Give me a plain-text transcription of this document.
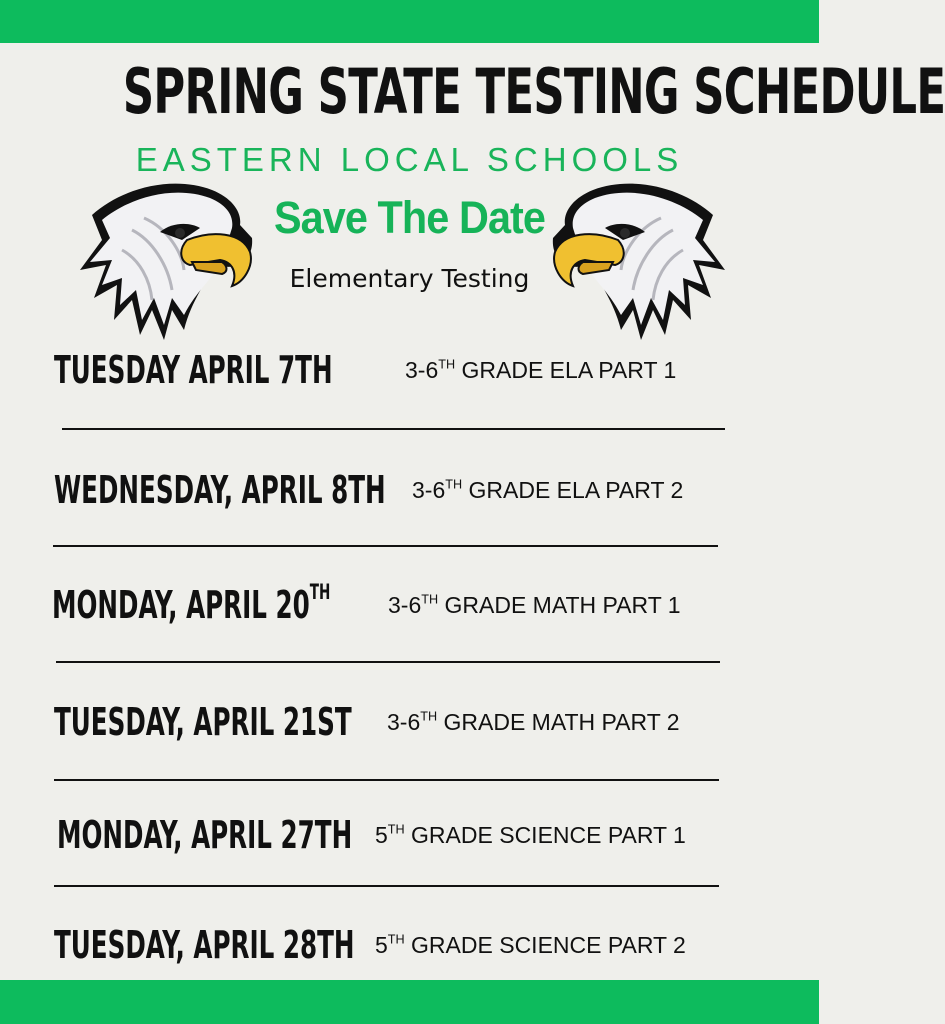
SPRING STATE TESTING SCHEDULE
EASTERN LOCAL SCHOOLS
Save The Date
Elementary Testing
TUESDAY APRIL 7TH	3-6TH GRADE ELA PART 1
WEDNESDAY, APRIL 8TH 3-6TH GRADE ELA PART 2
MONDAY, APRIL 20TH	3-6TH GRADE MATH PART 1
TUESDAY, APRIL 21ST 3-6TH GRADE MATH PART 2
MONDAY, APRIL 27TH 5TH GRADE SCIENCE PART 1
TUESDAY, APRIL 28TH 5TH GRADE SCIENCE PART 2
